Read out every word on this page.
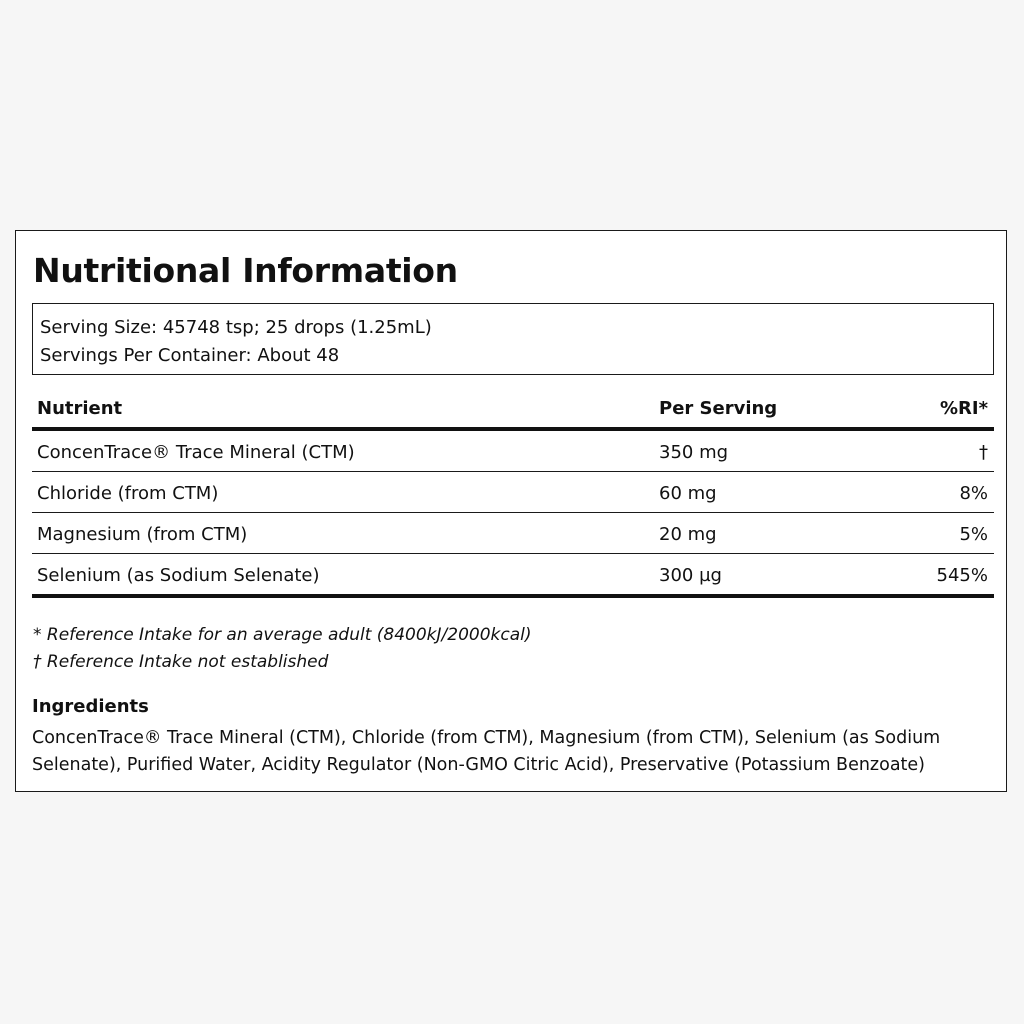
Nutritional Information
Serving Size: 45748 tsp; 25 drops (1.25mL)
Servings Per Container: About 48
Nutrient	Per Serving	%RI*
ConcenTrace® Trace Mineral (CTM)	350 mg	†
Chloride (from CTM)	60 mg	8%
Magnesium (from CTM)	20 mg	5%
Selenium (as Sodium Selenate)	300 µg	545%
* Reference Intake for an average adult (8400kJ/2000kcal)
† Reference Intake not established
Ingredients
ConcenTrace® Trace Mineral (CTM), Chloride (from CTM), Magnesium (from CTM), Selenium (as Sodium Selenate), Purified Water, Acidity Regulator (Non-GMO Citric Acid), Preservative (Potassium Benzoate)
